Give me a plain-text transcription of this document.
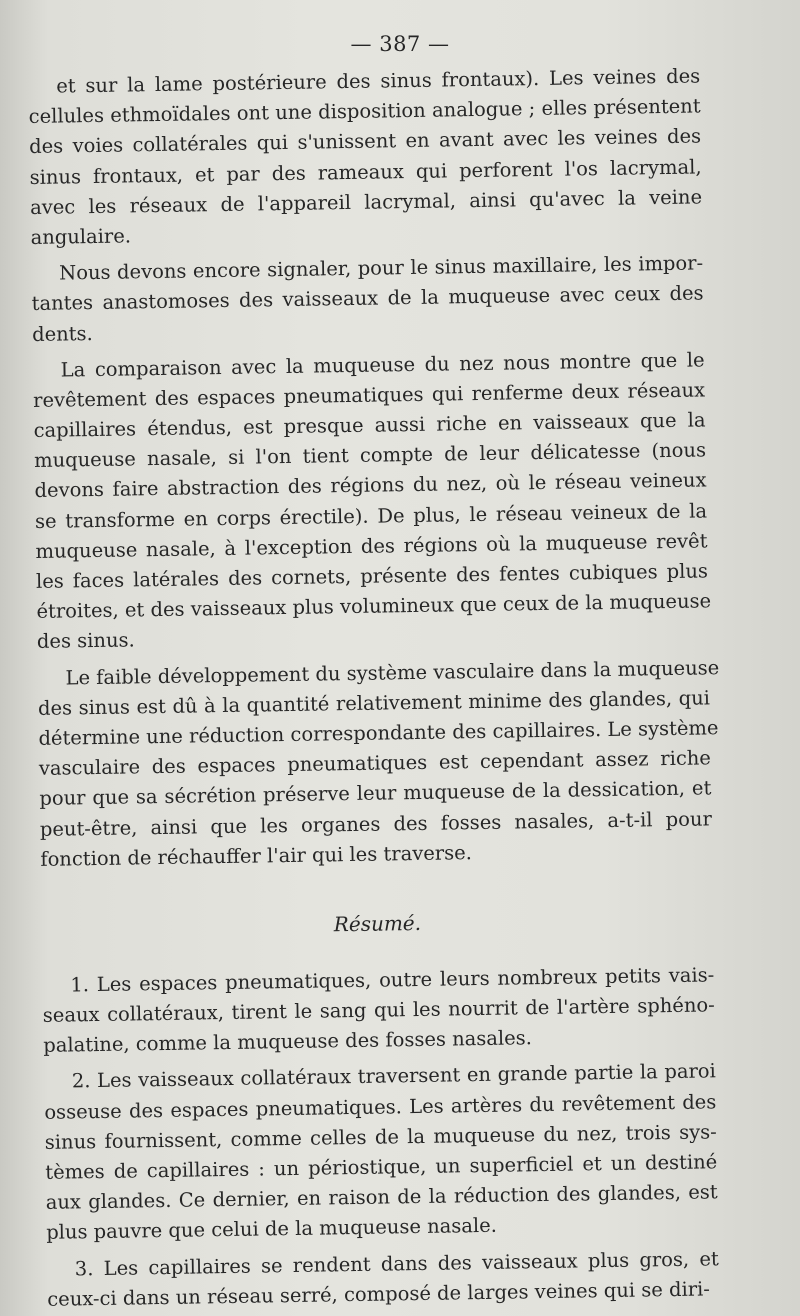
— 387 —
et sur la lame postérieure des sinus frontaux). Les veines des
cellules ethmoïdales ont une disposition analogue ; elles présentent
des voies collatérales qui s'unissent en avant avec les veines des
sinus frontaux, et par des rameaux qui perforent l'os lacrymal,
avec les réseaux de l'appareil lacrymal, ainsi qu'avec la veine
angulaire.
Nous devons encore signaler, pour le sinus maxillaire, les impor-
tantes anastomoses des vaisseaux de la muqueuse avec ceux des
dents.
La comparaison avec la muqueuse du nez nous montre que le
revêtement des espaces pneumatiques qui renferme deux réseaux
capillaires étendus, est presque aussi riche en vaisseaux que la
muqueuse nasale, si l'on tient compte de leur délicatesse (nous
devons faire abstraction des régions du nez, où le réseau veineux
se transforme en corps érectile). De plus, le réseau veineux de la
muqueuse nasale, à l'exception des régions où la muqueuse revêt
les faces latérales des cornets, présente des fentes cubiques plus
étroites, et des vaisseaux plus volumineux que ceux de la muqueuse
des sinus.
Le faible développement du système vasculaire dans la muqueuse
des sinus est dû à la quantité relativement minime des glandes, qui
détermine une réduction correspondante des capillaires. Le système
vasculaire des espaces pneumatiques est cependant assez riche
pour que sa sécrétion préserve leur muqueuse de la dessication, et
peut-être, ainsi que les organes des fosses nasales, a-t-il pour
fonction de réchauffer l'air qui les traverse.
Résumé.
1. Les espaces pneumatiques, outre leurs nombreux petits vais-
seaux collatéraux, tirent le sang qui les nourrit de l'artère sphéno-
palatine, comme la muqueuse des fosses nasales.
2. Les vaisseaux collatéraux traversent en grande partie la paroi
osseuse des espaces pneumatiques. Les artères du revêtement des
sinus fournissent, comme celles de la muqueuse du nez, trois sys-
tèmes de capillaires : un périostique, un superficiel et un destiné
aux glandes. Ce dernier, en raison de la réduction des glandes, est
plus pauvre que celui de la muqueuse nasale.
3. Les capillaires se rendent dans des vaisseaux plus gros, et
ceux-ci dans un réseau serré, composé de larges veines qui se diri-
